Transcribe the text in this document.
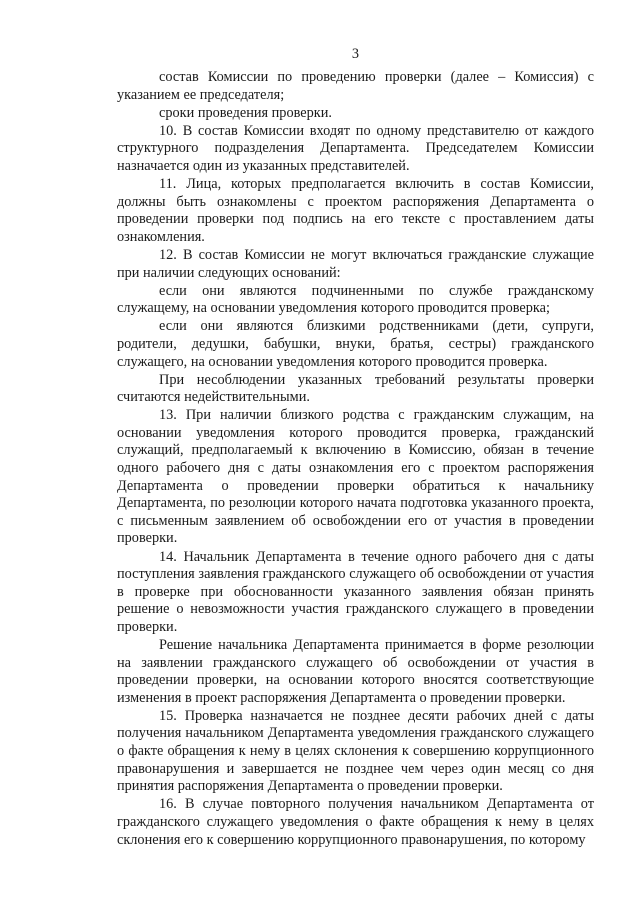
3

состав Комиссии по проведению проверки (далее – Комиссия) с указанием ее председателя;

сроки проведения проверки.

10. В состав Комиссии входят по одному представителю от каждого структурного подразделения Департамента. Председателем Комиссии назначается один из указанных представителей.

11. Лица, которых предполагается включить в состав Комиссии, должны быть ознакомлены с проектом распоряжения Департамента о проведении проверки под подпись на его тексте с проставлением даты ознакомления.

12. В состав Комиссии не могут включаться гражданские служащие при наличии следующих оснований:

если они являются подчиненными по службе гражданскому служащему, на основании уведомления которого проводится проверка;

если они являются близкими родственниками (дети, супруги, родители, дедушки, бабушки, внуки, братья, сестры) гражданского служащего, на основании уведомления которого проводится проверка.

При несоблюдении указанных требований результаты проверки считаются недействительными.

13. При наличии близкого родства с гражданским служащим, на основании уведомления которого проводится проверка, гражданский служащий, предполагаемый к включению в Комиссию, обязан в течение одного рабочего дня с даты ознакомления его с проектом распоряжения Департамента о проведении проверки обратиться к начальнику Департамента, по резолюции которого начата подготовка указанного проекта, с письменным заявлением об освобождении его от участия в проведении проверки.

14. Начальник Департамента в течение одного рабочего дня с даты поступления заявления гражданского служащего об освобождении от участия в проверке при обоснованности указанного заявления обязан принять решение о невозможности участия гражданского служащего в проведении проверки.

Решение начальника Департамента принимается в форме резолюции на заявлении гражданского служащего об освобождении от участия в проведении проверки, на основании которого вносятся соответствующие изменения в проект распоряжения Департамента о проведении проверки.

15. Проверка назначается не позднее десяти рабочих дней с даты получения начальником Департамента уведомления гражданского служащего о факте обращения к нему в целях склонения к совершению коррупционного правонарушения и завершается не позднее чем через один месяц со дня принятия распоряжения Департамента о проведении проверки.

16. В случае повторного получения начальником Департамента от гражданского служащего уведомления о факте обращения к нему в целях склонения его к совершению коррупционного правонарушения, по которому
